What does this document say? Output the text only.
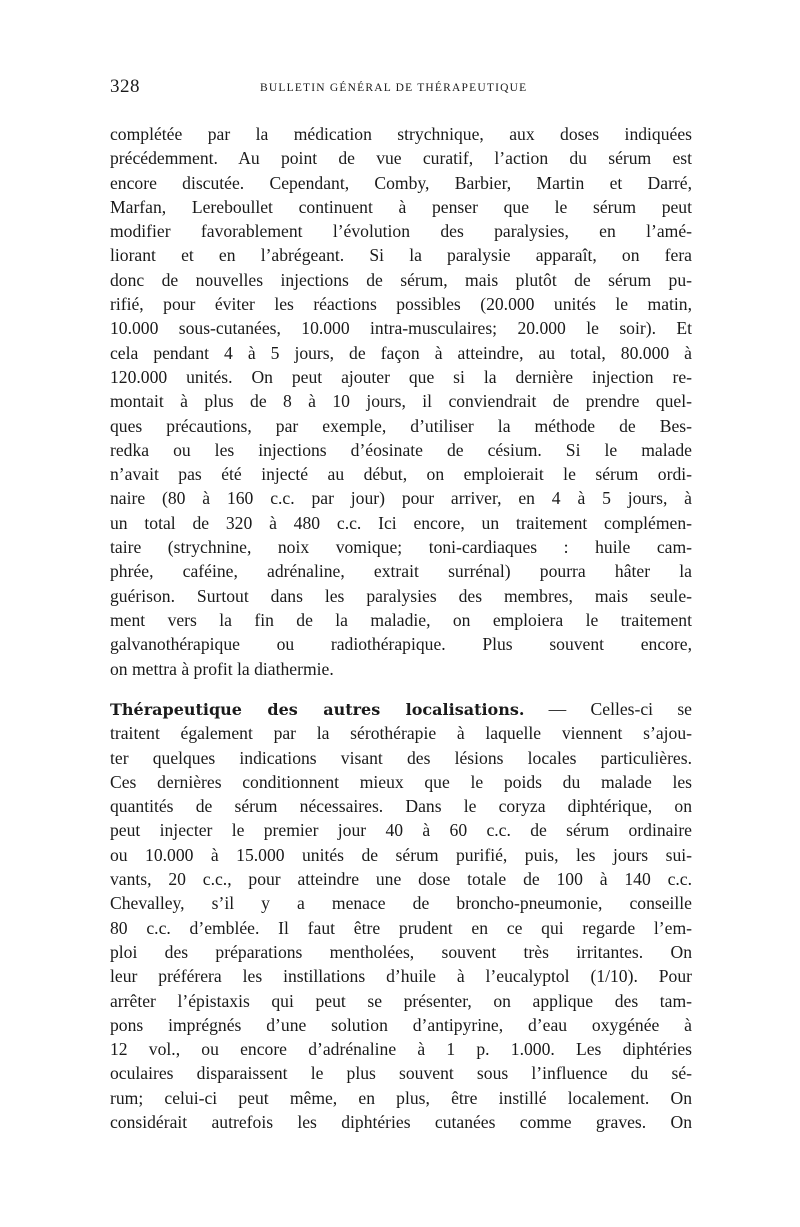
328	BULLETIN GÉNÉRAL DE THÉRAPEUTIQUE
complétée par la médication strychnique, aux doses indiquées
précédemment. Au point de vue curatif, l’action du sérum est
encore discutée. Cependant, Comby, Barbier, Martin et Darré,
Marfan, Lereboullet continuent à penser que le sérum peut
modifier favorablement l’évolution des paralysies, en l’amé-
liorant et en l’abrégeant. Si la paralysie apparaît, on fera
donc de nouvelles injections de sérum, mais plutôt de sérum pu-
rifié, pour éviter les réactions possibles (20.000 unités le matin,
10.000 sous-cutanées, 10.000 intra-musculaires; 20.000 le soir). Et
cela pendant 4 à 5 jours, de façon à atteindre, au total, 80.000 à
120.000 unités. On peut ajouter que si la dernière injection re-
montait à plus de 8 à 10 jours, il conviendrait de prendre quel-
ques précautions, par exemple, d’utiliser la méthode de Bes-
redka ou les injections d’éosinate de césium. Si le malade
n’avait pas été injecté au début, on emploierait le sérum ordi-
naire (80 à 160 c.c. par jour) pour arriver, en 4 à 5 jours, à
un total de 320 à 480 c.c. Ici encore, un traitement complémen-
taire (strychnine, noix vomique; toni-cardiaques : huile cam-
phrée, caféine, adrénaline, extrait surrénal) pourra hâter la
guérison. Surtout dans les paralysies des membres, mais seule-
ment vers la fin de la maladie, on emploiera le traitement
galvanothérapique ou radiothérapique. Plus souvent encore,
on mettra à profit la diathermie.
Thérapeutique des autres localisations. — Celles-ci se
traitent également par la sérothérapie à laquelle viennent s’ajou-
ter quelques indications visant des lésions locales particulières.
Ces dernières conditionnent mieux que le poids du malade les
quantités de sérum nécessaires. Dans le coryza diphtérique, on
peut injecter le premier jour 40 à 60 c.c. de sérum ordinaire
ou 10.000 à 15.000 unités de sérum purifié, puis, les jours sui-
vants, 20 c.c., pour atteindre une dose totale de 100 à 140 c.c.
Chevalley, s’il y a menace de broncho-pneumonie, conseille
80 c.c. d’emblée. Il faut être prudent en ce qui regarde l’em-
ploi des préparations mentholées, souvent très irritantes. On
leur préférera les instillations d’huile à l’eucalyptol (1/10). Pour
arrêter l’épistaxis qui peut se présenter, on applique des tam-
pons imprégnés d’une solution d’antipyrine, d’eau oxygénée à
12 vol., ou encore d’adrénaline à 1 p. 1.000. Les diphtéries
oculaires disparaissent le plus souvent sous l’influence du sé-
rum; celui-ci peut même, en plus, être instillé localement. On
considérait autrefois les diphtéries cutanées comme graves. On
